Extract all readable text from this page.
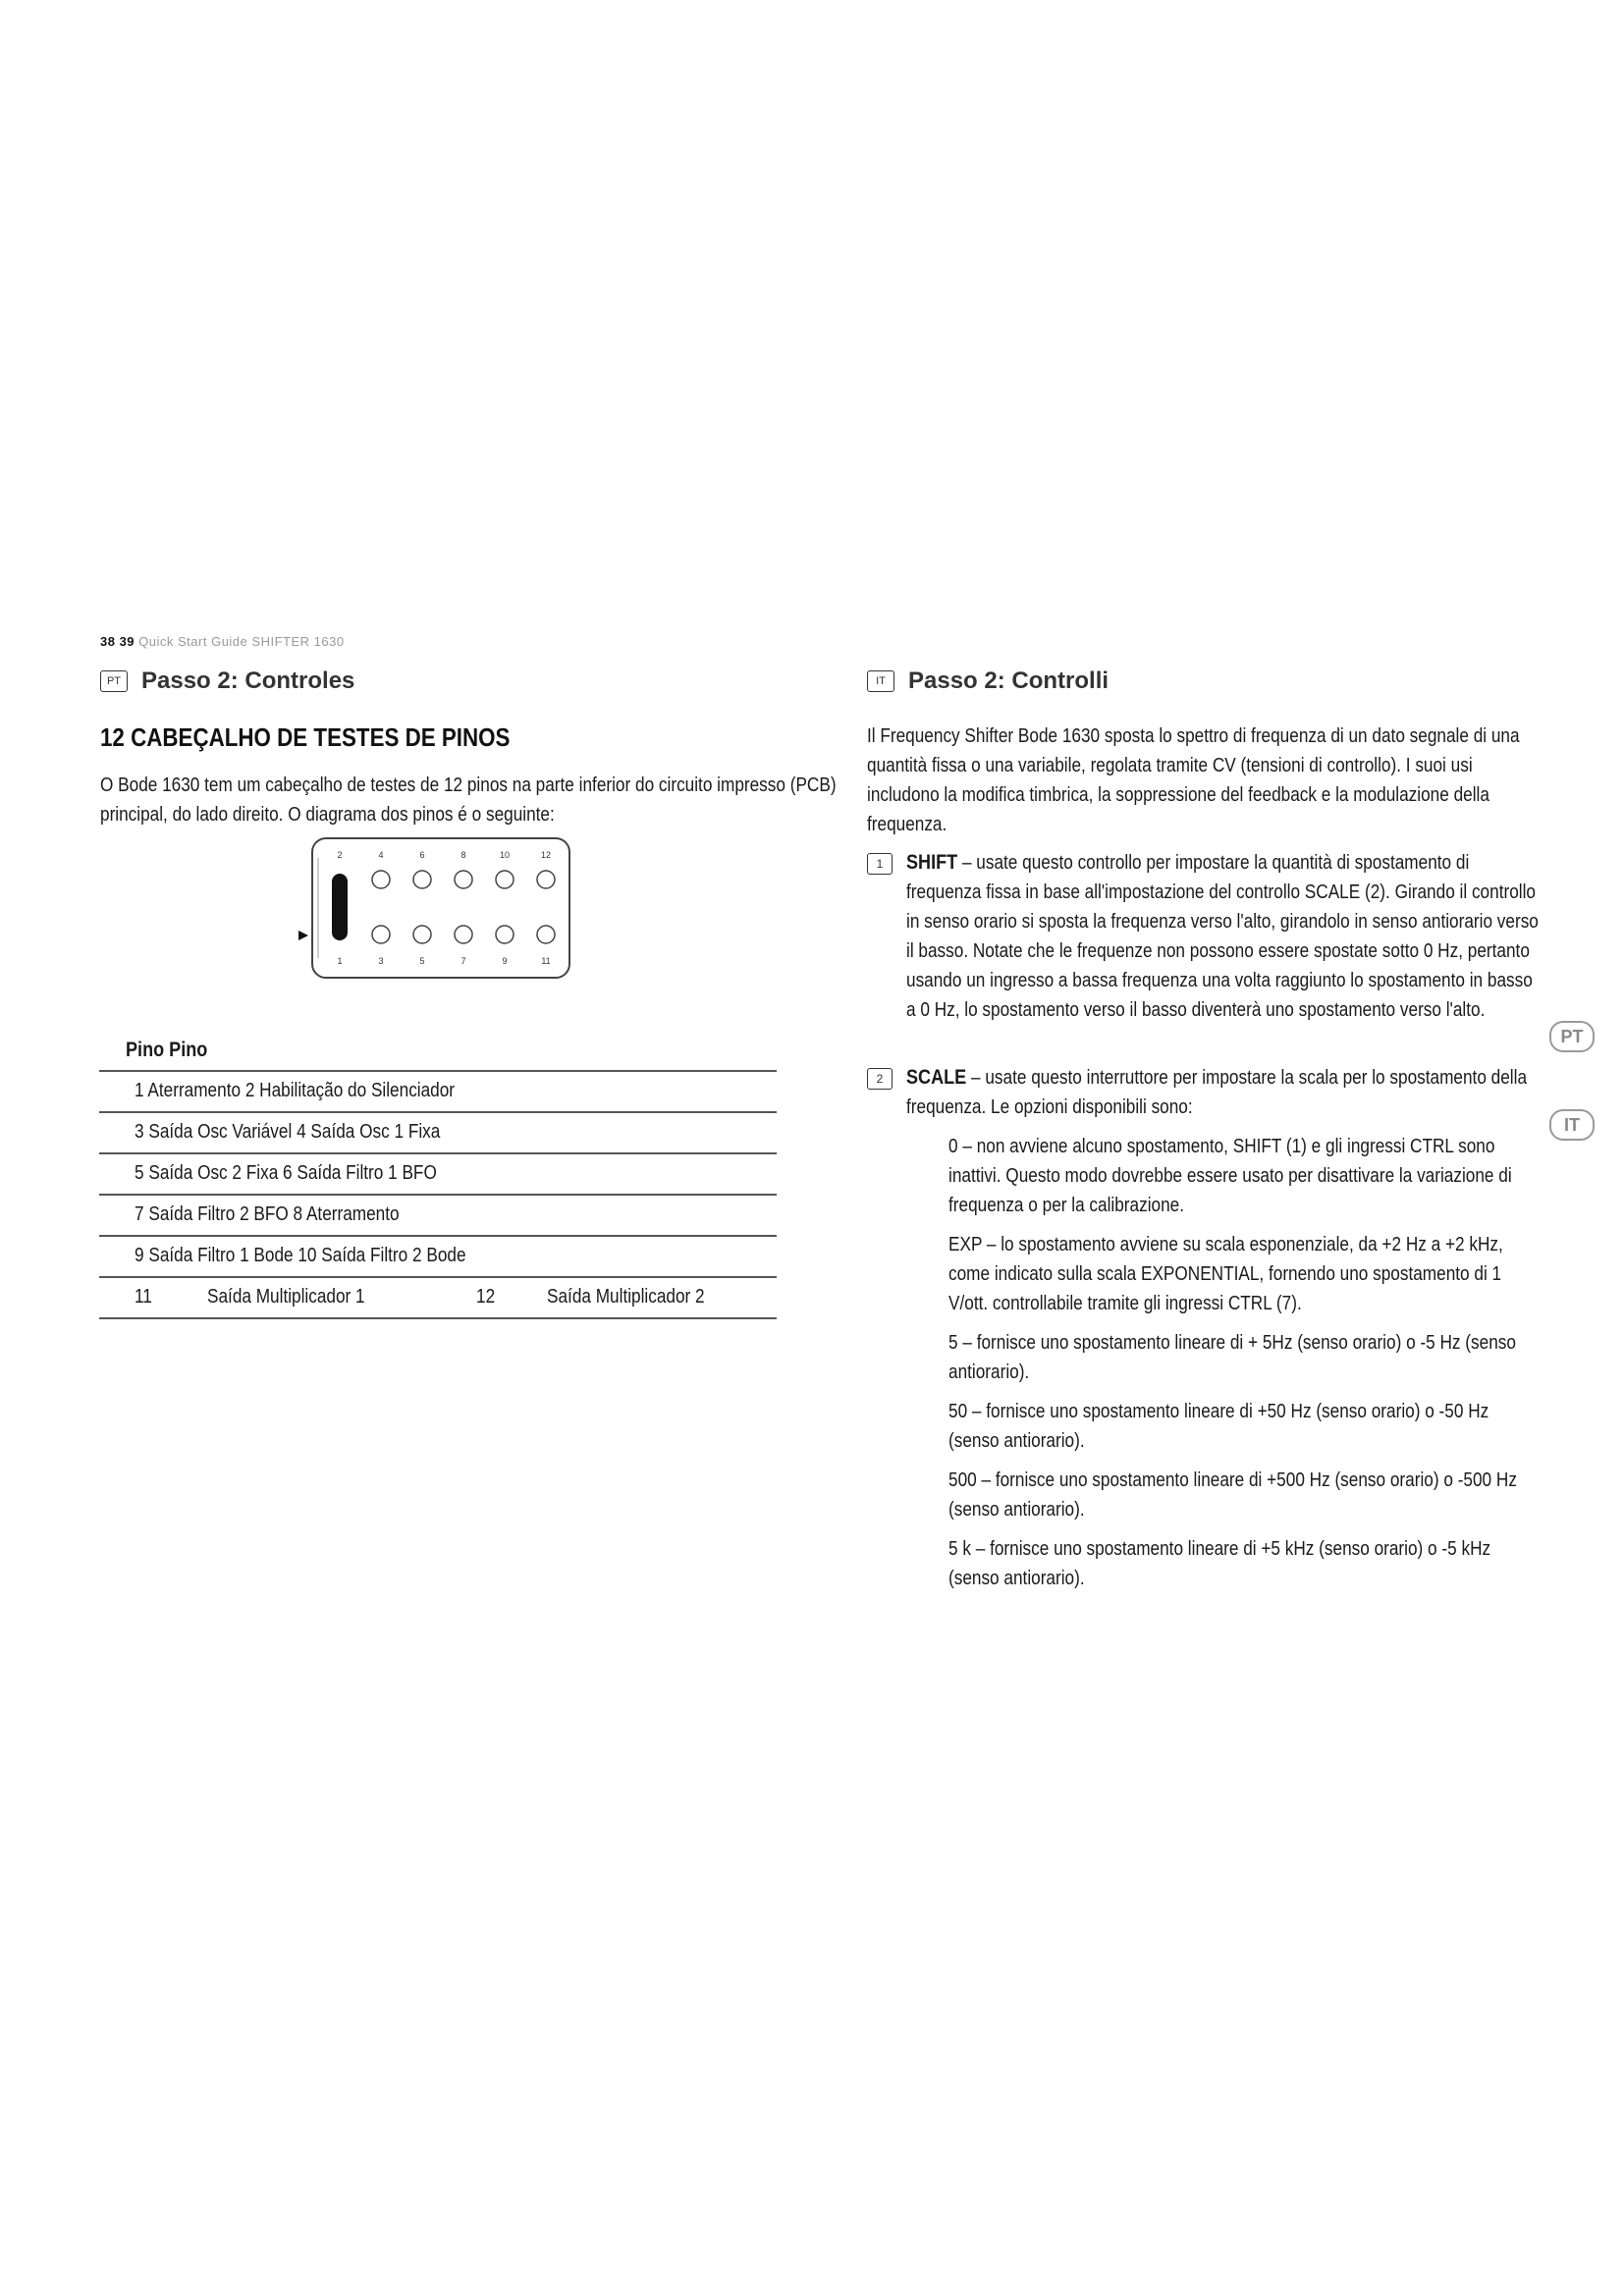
38 39 Quick Start Guide SHIFTER 1630
PT Passo 2: Controles
12 CABEÇALHO DE TESTES DE PINOS

O Bode 1630 tem um cabeçalho de testes de 12 pinos na parte inferior do circuito impresso (PCB) principal, do lado direito. O diagrama dos pinos é o seguinte:

2	4	6	8	10	12
1	3	5	7	9	11
Pino Pino
1 Aterramento 2 Habilitação do Silenciador
3 Saída Osc Variável 4 Saída Osc 1 Fixa
5 Saída Osc 2 Fixa 6 Saída Filtro 1 BFO
7 Saída Filtro 2 BFO 8 Aterramento
9 Saída Filtro 1 Bode 10 Saída Filtro 2 Bode
11	Saída Multiplicador 1	12	Saída Multiplicador 2
IT Passo 2: Controlli

Il Frequency Shifter Bode 1630 sposta lo spettro di frequenza di un dato segnale di una quantità fissa o una variabile, regolata tramite CV (tensioni di controllo). I suoi usi includono la modifica timbrica, la soppressione del feedback e la modulazione della frequenza.

1	SHIFT – usate questo controllo per impostare la quantità di spostamento di frequenza fissa in base all'impostazione del controllo SCALE (2). Girando il controllo in senso orario si sposta la frequenza verso l'alto, girandolo in senso antiorario verso il basso. Notate che le frequenze non possono essere spostate sotto 0 Hz, pertanto usando un ingresso a bassa frequenza una volta raggiunto lo spostamento in basso a 0 Hz, lo spostamento verso il basso diventerà uno spostamento verso l'alto.

2	SCALE – usate questo interruttore per impostare la scala per lo spostamento della frequenza. Le opzioni disponibili sono:

0 – non avviene alcuno spostamento, SHIFT (1) e gli ingressi CTRL sono inattivi. Questo modo dovrebbe essere usato per disattivare la variazione di frequenza o per la calibrazione.

EXP – lo spostamento avviene su scala esponenziale, da +2 Hz a +2 kHz, come indicato sulla scala EXPONENTIAL, fornendo uno spostamento di 1 V/ott. controllabile tramite gli ingressi CTRL (7).

5 – fornisce uno spostamento lineare di + 5Hz (senso orario) o -5 Hz (senso antiorario).

50 – fornisce uno spostamento lineare di +50 Hz (senso orario) o -50 Hz (senso antiorario).

500 – fornisce uno spostamento lineare di +500 Hz (senso orario) o -500 Hz (senso antiorario).

5 k – fornisce uno spostamento lineare di +5 kHz (senso orario) o -5 kHz (senso antiorario).

PT
IT
